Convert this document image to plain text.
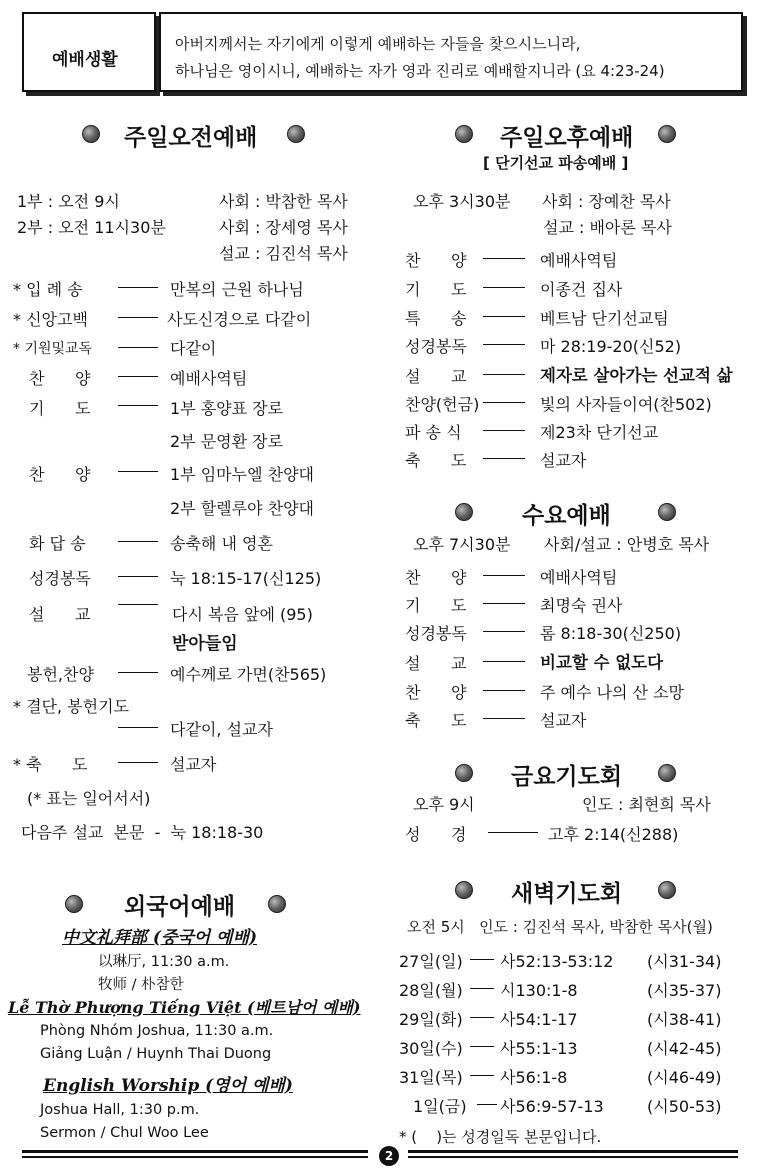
예배생활
아버지께서는 자기에게 이렇게 예배하는 자들을 찾으시느니라,
하나님은 영이시니, 예배하는 자가 영과 진리로 예배할지니라 (요 4:23-24)
주일오전예배
1부 : 오전 9시	사회 : 박참한 목사
2부 : 오전 11시30분	사회 : 장세영 목사
설교 : 김진석 목사
* 입 례 송	만복의 근원 하나님
* 신앙고백	사도신경으로 다같이
* 기원및교독	다같이
찬      양	예배사역팀
기      도	1부 홍양표 장로
2부 문영환 장로
찬      양	1부 임마누엘 찬양대
2부 할렐루야 찬양대
화 답 송	송축해 내 영혼
성경봉독	눅 18:15-17(신125)
설      교	다시 복음 앞에 (95)
받아들임
봉헌,찬양	예수께로 가면(찬565)
* 결단, 봉헌기도
다같이, 설교자
* 축      도	설교자
(* 표는 일어서서)
다음주 설교  본문  -  눅 18:18-30
외국어예배
中文礼拜部 (중국어 예배)
以琳厅, 11:30 a.m.
牧师 / 朴참한
Lễ Thờ Phượng Tiếng Việt (베트남어 예배)
Phòng Nhóm Joshua, 11:30 a.m.
Giảng Luận / Huynh Thai Duong
English Worship (영어 예배)
Joshua Hall, 1:30 p.m.
Sermon / Chul Woo Lee
주일오후예배
[ 단기선교 파송예배 ]
오후 3시30분 사회 : 장예찬 목사
설교 : 배아론 목사
찬      양	예배사역팀
기      도	이종건 집사
특      송	베트남 단기선교팀
성경봉독	마 28:19-20(신52)
설      교	제자로 살아가는 선교적 삶
찬양(헌금)	빛의 사자들이여(찬502)
파 송 식	제23차 단기선교
축      도	설교자
수요예배
오후 7시30분 사회/설교 : 안병호 목사
찬      양	예배사역팀
기      도	최명숙 권사
성경봉독	롬 8:18-30(신250)
설      교	비교할 수 없도다
찬      양	주 예수 나의 산 소망
축      도	설교자
금요기도회
오후 9시	인도 : 최현희 목사
성      경	고후 2:14(신288)
새벽기도회
오전 5시   인도 : 김진석 목사, 박참한 목사(월)
27일(일) 사52:13-53:12 (시31-34)
28일(월) 시130:1-8	(시35-37)
29일(화) 사54:1-17	(시38-41)
30일(수) 사55:1-13	(시42-45)
31일(목) 사56:1-8	(시46-49)
1일(금) 사56:9-57-13	(시50-53)
* (    )는 성경일독 본문입니다.
2
